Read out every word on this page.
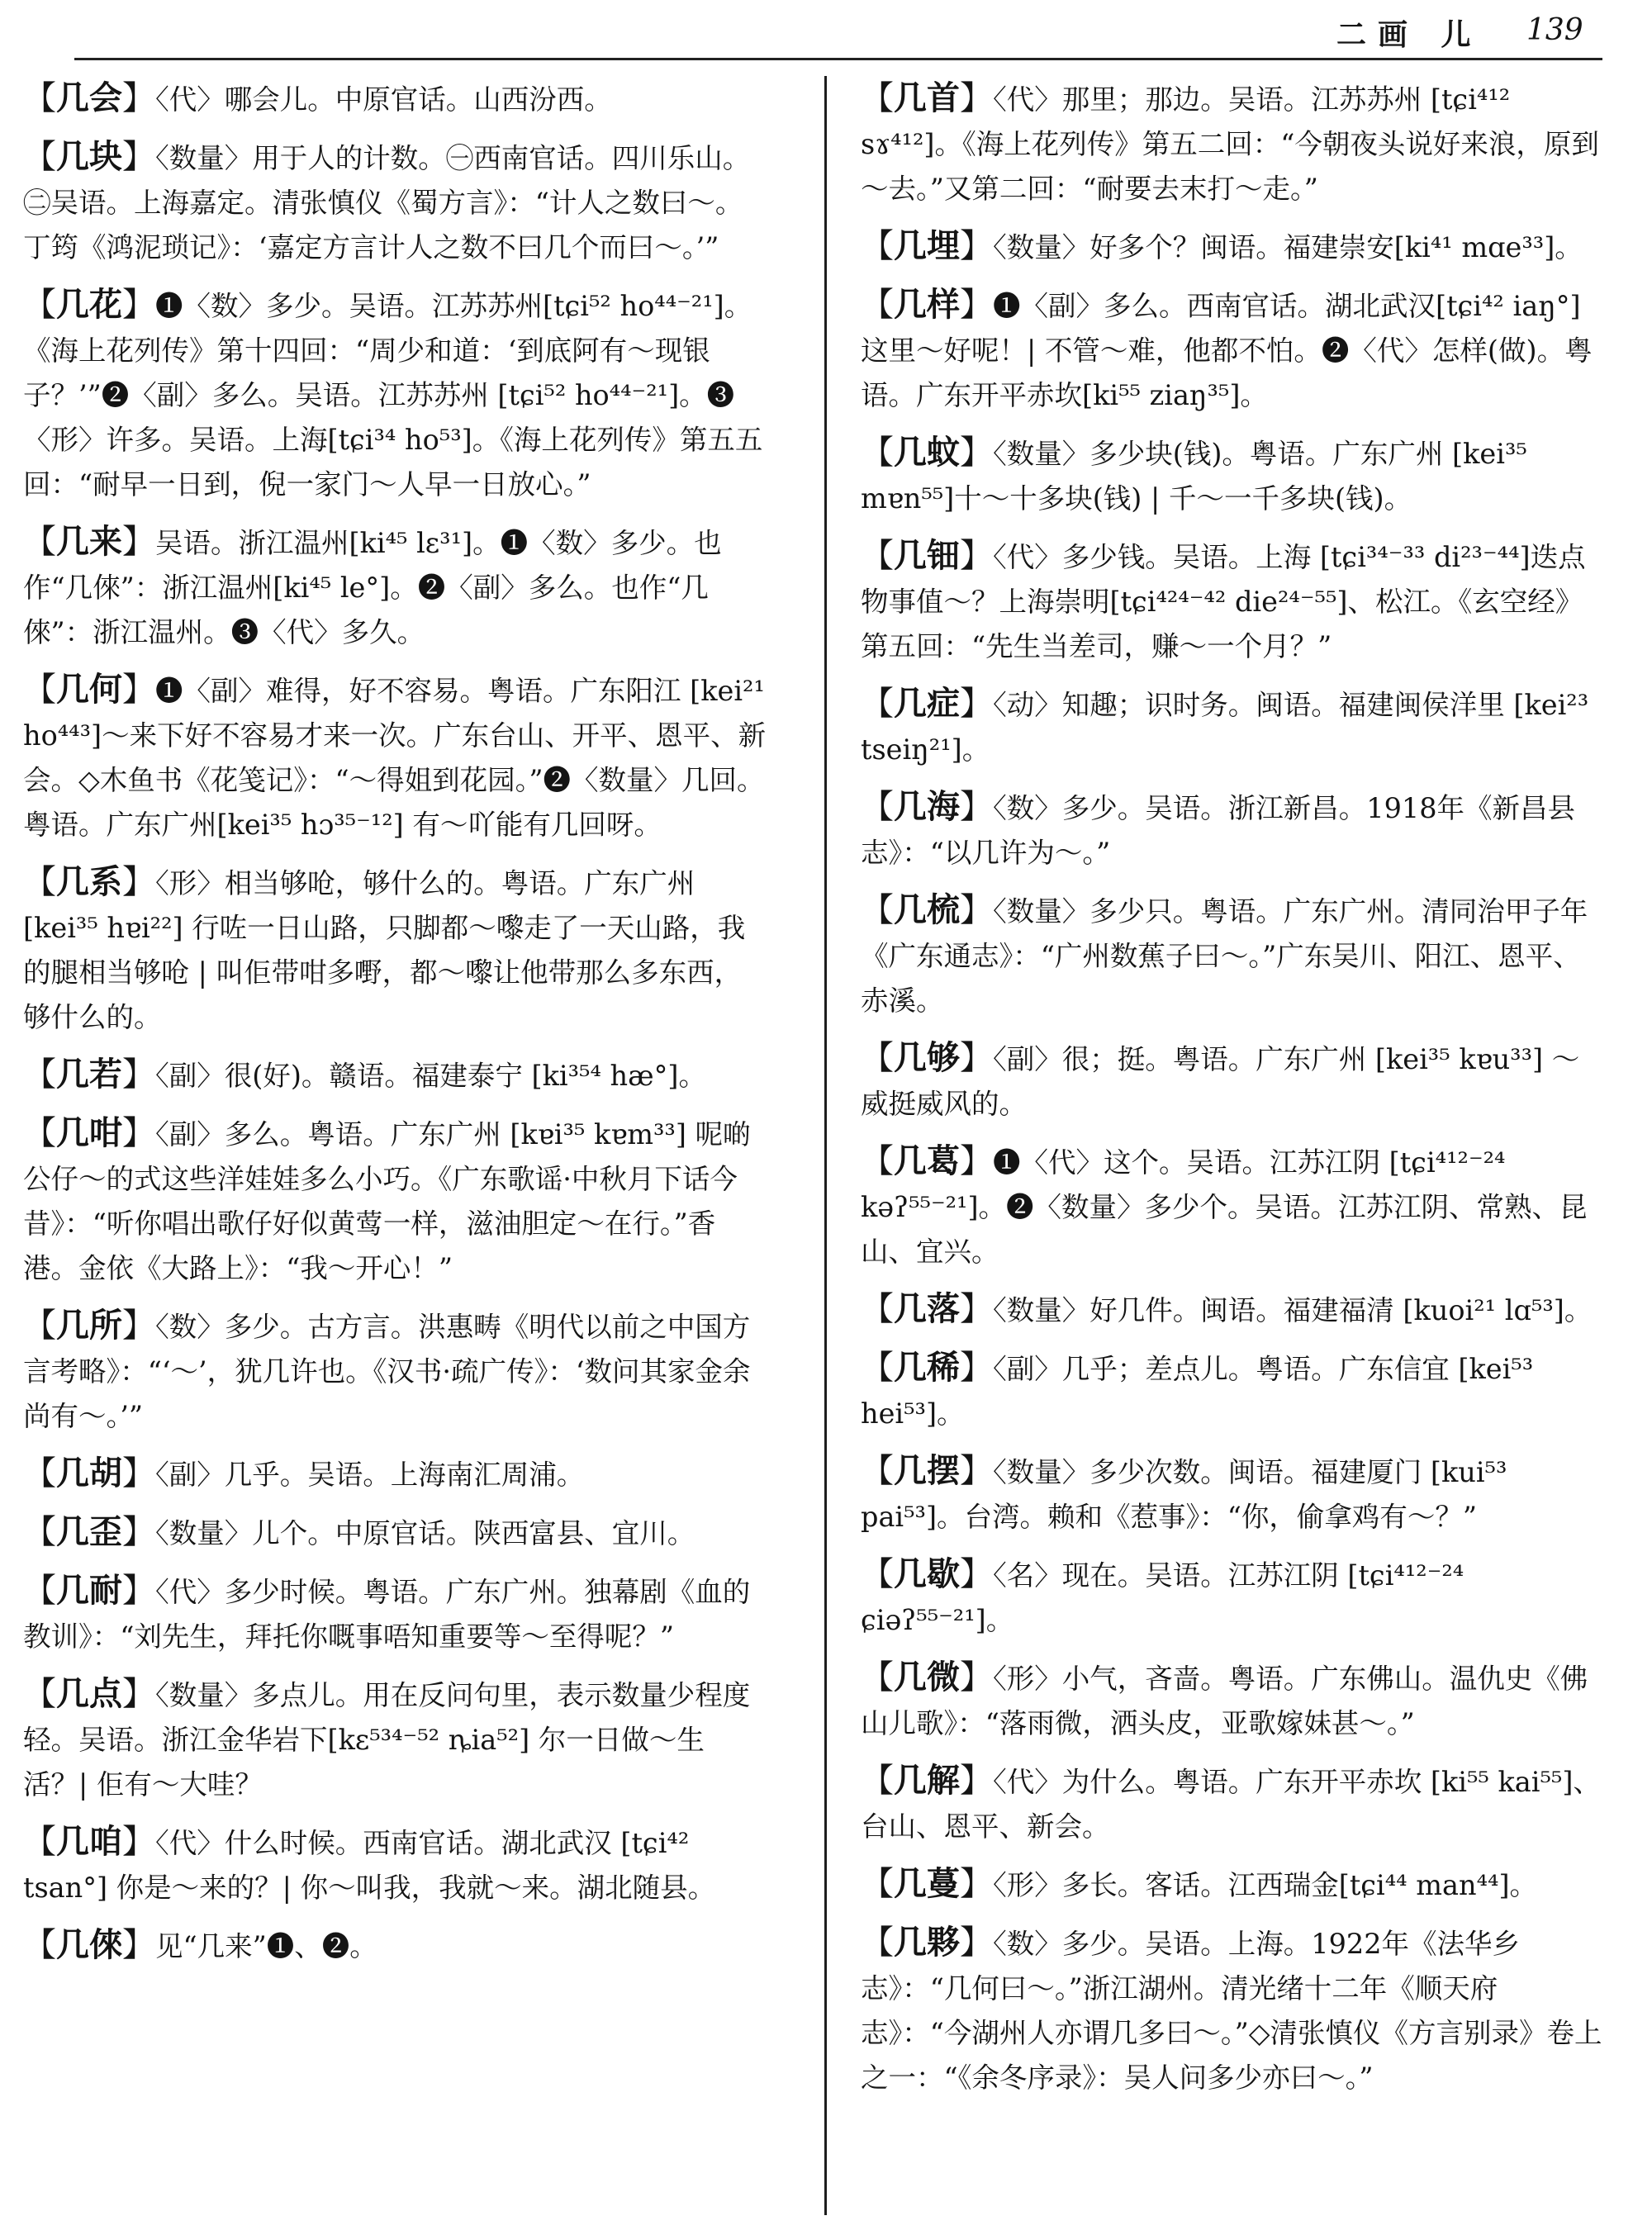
二画 儿 139
【几会】〈代〉哪会儿。中原官话。山西汾西。
【几块】〈数量〉用于人的计数。㊀西南官话。四川乐山。㊁吴语。上海嘉定。清张慎仪《蜀方言》：“计人之数曰～。丁筠《鸿泥琐记》：‘嘉定方言计人之数不曰几个而曰～。’”
【几花】❶〈数〉多少。吴语。江苏苏州[tɕi⁵² ho⁴⁴⁻²¹]。《海上花列传》第十四回：“周少和道：‘到底阿有～现银子？’”❷〈副〉多么。吴语。江苏苏州 [tɕi⁵² ho⁴⁴⁻²¹]。❸〈形〉许多。吴语。上海[tɕi³⁴ ho⁵³]。《海上花列传》第五五回：“耐早一日到，倪一家门～人早一日放心。”
【几来】吴语。浙江温州[ki⁴⁵ lɛ³¹]。❶〈数〉多少。也作“几倈”：浙江温州[ki⁴⁵ le°]。❷〈副〉多么。也作“几倈”：浙江温州。❸〈代〉多久。
【几何】❶〈副〉难得，好不容易。粤语。广东阳江 [kei²¹ ho⁴⁴³]～来下好不容易才来一次。广东台山、开平、恩平、新会。◇木鱼书《花笺记》：“～得姐到花园。”❷〈数量〉几回。粤语。广东广州[kei³⁵ hɔ³⁵⁻¹²] 有～吖能有几回呀。
【几系】〈形〉相当够呛，够什么的。粤语。广东广州 [kei³⁵ hɐi²²] 行咗一日山路，只脚都～嚟走了一天山路，我的腿相当够呛 | 叫佢带咁多嘢，都～嚟让他带那么多东西，够什么的。
【几若】〈副〉很(好)。赣语。福建泰宁 [ki³⁵⁴ hæ°]。
【几咁】〈副〉多么。粤语。广东广州 [kɐi³⁵ kɐm³³] 呢啲公仔～的式这些洋娃娃多么小巧。《广东歌谣·中秋月下话今昔》：“听你唱出歌仔好似黄莺一样，滋油胆定～在行。”香港。金依《大路上》：“我～开心！”
【几所】〈数〉多少。古方言。洪惠畴《明代以前之中国方言考略》：“‘～’，犹几许也。《汉书·疏广传》：‘数问其家金余尚有～。’”
【几胡】〈副〉几乎。吴语。上海南汇周浦。
【几歪】〈数量〉儿个。中原官话。陕西富县、宜川。
【几耐】〈代〉多少时候。粤语。广东广州。独幕剧《血的教训》：“刘先生，拜托你嘅事唔知重要等～至得呢？”
【几点】〈数量〉多点儿。用在反问句里，表示数量少程度轻。吴语。浙江金华岩下[kɛ⁵³⁴⁻⁵² ȵia⁵²] 尔一日做～生活？| 佢有～大哇？
【几咱】〈代〉什么时候。西南官话。湖北武汉 [tɕi⁴² tsan°] 你是～来的？| 你～叫我，我就～来。湖北随县。
【几倈】见“几来”❶、❷。
【几首】〈代〉那里；那边。吴语。江苏苏州 [tɕi⁴¹² sɤ⁴¹²]。《海上花列传》第五二回：“今朝夜头说好来浪，原到～去。”又第二回：“耐要去末打～走。”
【几埋】〈数量〉好多个？闽语。福建崇安[ki⁴¹ mɑe³³]。
【几样】❶〈副〉多么。西南官话。湖北武汉[tɕi⁴² iaŋ°] 这里～好呢！| 不管～难，他都不怕。❷〈代〉怎样(做)。粤语。广东开平赤坎[ki⁵⁵ ziaŋ³⁵]。
【几蚊】〈数量〉多少块(钱)。粤语。广东广州 [kei³⁵ mɐn⁵⁵]十～十多块(钱) | 千～一千多块(钱)。
【几钿】〈代〉多少钱。吴语。上海 [tɕi³⁴⁻³³ di²³⁻⁴⁴]迭点物事值～？上海崇明[tɕi⁴²⁴⁻⁴² die²⁴⁻⁵⁵]、松江。《玄空经》第五回：“先生当差司，赚～一个月？”
【几症】〈动〉知趣；识时务。闽语。福建闽侯洋里 [kei²³ tseiŋ²¹]。
【几海】〈数〉多少。吴语。浙江新昌。1918年《新昌县志》：“以几许为～。”
【几梳】〈数量〉多少只。粤语。广东广州。清同治甲子年《广东通志》：“广州数蕉子曰～。”广东吴川、阳江、恩平、赤溪。
【几够】〈副〉很；挺。粤语。广东广州 [kei³⁵ kɐu³³] ～威挺威风的。
【几葛】❶〈代〉这个。吴语。江苏江阴 [tɕi⁴¹²⁻²⁴ kəʔ⁵⁵⁻²¹]。❷〈数量〉多少个。吴语。江苏江阴、常熟、昆山、宜兴。
【几落】〈数量〉好几件。闽语。福建福清 [kuoi²¹ lɑ⁵³]。
【几稀】〈副〉几乎；差点儿。粤语。广东信宜 [kei⁵³ hei⁵³]。
【几摆】〈数量〉多少次数。闽语。福建厦门 [kui⁵³ pai⁵³]。台湾。赖和《惹事》：“你，偷拿鸡有～？”
【几歇】〈名〉现在。吴语。江苏江阴 [tɕi⁴¹²⁻²⁴ ɕiəʔ⁵⁵⁻²¹]。
【几微】〈形〉小气，吝啬。粤语。广东佛山。温仇史《佛山儿歌》：“落雨微，洒头皮，亚歌嫁妹甚～。”
【几解】〈代〉为什么。粤语。广东开平赤坎 [ki⁵⁵ kai⁵⁵]、台山、恩平、新会。
【几蔓】〈形〉多长。客话。江西瑞金[tɕi⁴⁴ man⁴⁴]。
【几夥】〈数〉多少。吴语。上海。1922年《法华乡志》：“几何曰～。”浙江湖州。清光绪十二年《顺天府志》：“今湖州人亦谓几多曰～。”◇清张慎仪《方言别录》卷上之一：“《余冬序录》：吴人问多少亦曰～。”
